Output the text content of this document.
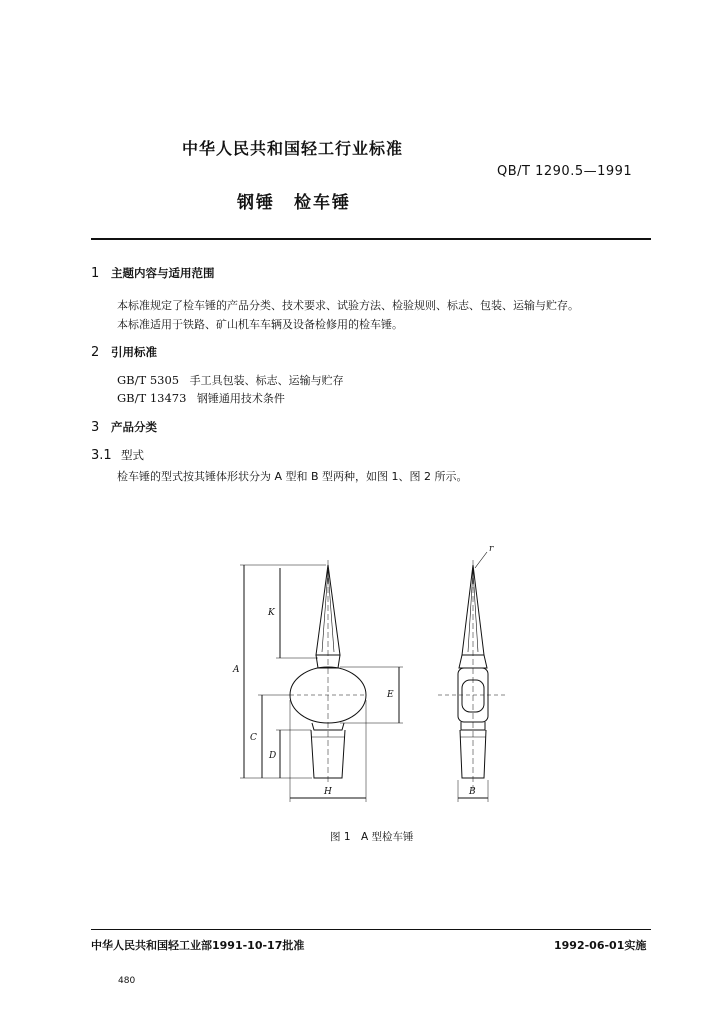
中华人民共和国轻工行业标准
QB/T 1290.5—1991
钢锤　检车锤
1 主题内容与适用范围
本标准规定了检车锤的产品分类、技术要求、试验方法、检验规则、标志、包装、运输与贮存。
本标准适用于铁路、矿山机车车辆及设备检修用的检车锤。
2 引用标准
GB/T 5305 手工具包装、标志、运输与贮存
GB/T 13473 钢锤通用技术条件
3 产品分类
3.1 型式
检车锤的型式按其锤体形状分为 A 型和 B 型两种，如图 1、图 2 所示。
A
K
C
D
E
H	B
r
图 1　A 型检车锤
中华人民共和国轻工业部1991-10-17批准	1992-06-01实施
480
